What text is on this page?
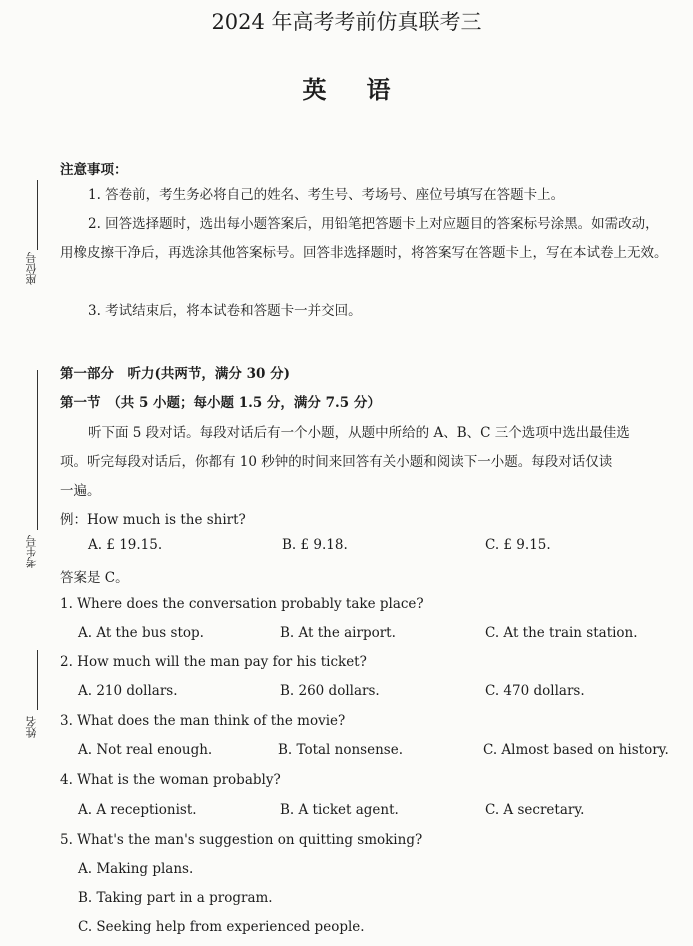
2024 年高考考前仿真联考三
英语
座位号
考生号
姓名
注意事项：
1. 答卷前，考生务必将自己的姓名、考生号、考场号、座位号填写在答题卡上。
2. 回答选择题时，选出每小题答案后，用铅笔把答题卡上对应题目的答案标号涂黑。如需改动，用橡皮擦干净后，再选涂其他答案标号。回答非选择题时，将答案写在答题卡上，写在本试卷上无效。
3. 考试结束后，将本试卷和答题卡一并交回。
第一部分　听力(共两节，满分 30 分)
第一节　（共 5 小题；每小题 1.5 分，满分 7.5 分）
听下面 5 段对话。每段对话后有一个小题，从题中所给的 A、B、C 三个选项中选出最佳选
项。听完每段对话后，你都有 10 秒钟的时间来回答有关小题和阅读下一小题。每段对话仅读
一遍。
例：How much is the shirt?
A. £ 19.15.	B. £ 9.18.	C. £ 9.15.
答案是 C。
1. Where does the conversation probably take place?
A. At the bus stop.	B. At the airport.	C. At the train station.
2. How much will the man pay for his ticket?
A. 210 dollars.	B. 260 dollars.	C. 470 dollars.
3. What does the man think of the movie?
A. Not real enough.	B. Total nonsense.	C. Almost based on history.
4. What is the woman probably?
A. A receptionist.	B. A ticket agent.	C. A secretary.
5. What's the man's suggestion on quitting smoking?
A. Making plans.
B. Taking part in a program.
C. Seeking help from experienced people.
